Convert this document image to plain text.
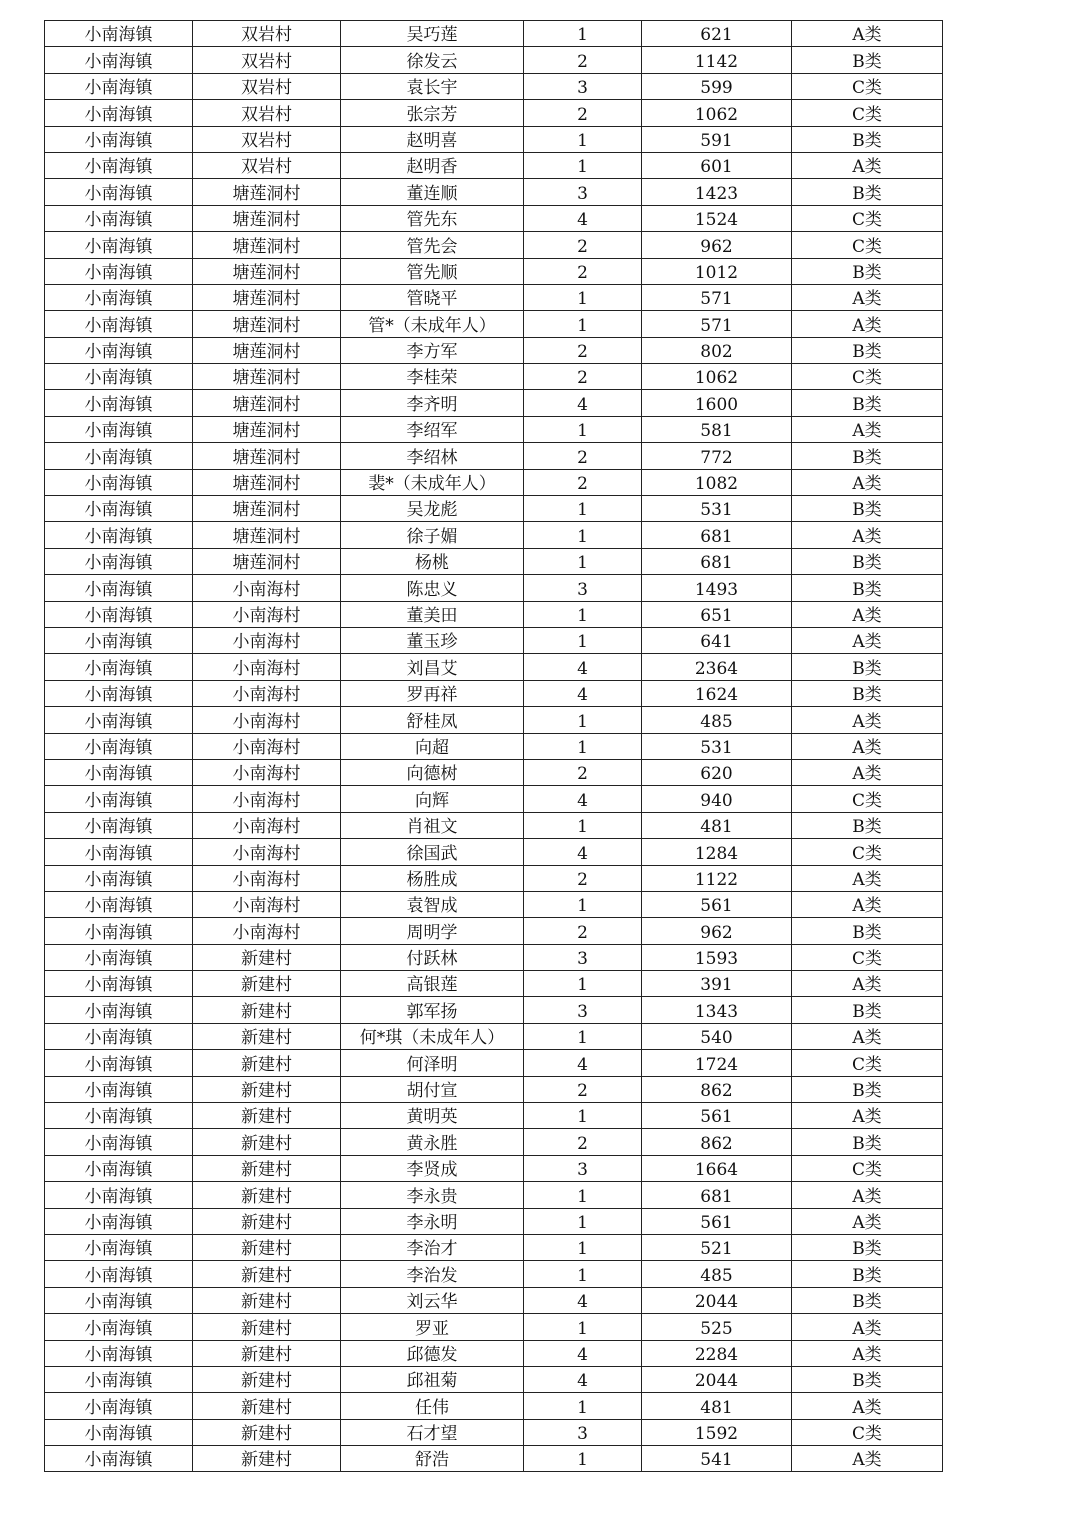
小南海镇	双岩村	吴巧莲	1	621	A类
小南海镇	双岩村	徐发云	2	1142	B类
小南海镇	双岩村	袁长宇	3	599	C类
小南海镇	双岩村	张宗芳	2	1062	C类
小南海镇	双岩村	赵明喜	1	591	B类
小南海镇	双岩村	赵明香	1	601	A类
小南海镇	塘莲洞村	董连顺	3	1423	B类
小南海镇	塘莲洞村	管先东	4	1524	C类
小南海镇	塘莲洞村	管先会	2	962	C类
小南海镇	塘莲洞村	管先顺	2	1012	B类
小南海镇	塘莲洞村	管晓平	1	571	A类
小南海镇	塘莲洞村	管*（未成年人）	1	571	A类
小南海镇	塘莲洞村	李方军	2	802	B类
小南海镇	塘莲洞村	李桂荣	2	1062	C类
小南海镇	塘莲洞村	李齐明	4	1600	B类
小南海镇	塘莲洞村	李绍军	1	581	A类
小南海镇	塘莲洞村	李绍林	2	772	B类
小南海镇	塘莲洞村	裴*（未成年人）	2	1082	A类
小南海镇	塘莲洞村	吴龙彪	1	531	B类
小南海镇	塘莲洞村	徐子媚	1	681	A类
小南海镇	塘莲洞村	杨桃	1	681	B类
小南海镇	小南海村	陈忠义	3	1493	B类
小南海镇	小南海村	董美田	1	651	A类
小南海镇	小南海村	董玉珍	1	641	A类
小南海镇	小南海村	刘昌艾	4	2364	B类
小南海镇	小南海村	罗再祥	4	1624	B类
小南海镇	小南海村	舒桂凤	1	485	A类
小南海镇	小南海村	向超	1	531	A类
小南海镇	小南海村	向德树	2	620	A类
小南海镇	小南海村	向辉	4	940	C类
小南海镇	小南海村	肖祖文	1	481	B类
小南海镇	小南海村	徐国武	4	1284	C类
小南海镇	小南海村	杨胜成	2	1122	A类
小南海镇	小南海村	袁智成	1	561	A类
小南海镇	小南海村	周明学	2	962	B类
小南海镇	新建村	付跃林	3	1593	C类
小南海镇	新建村	高银莲	1	391	A类
小南海镇	新建村	郭军扬	3	1343	B类
小南海镇	新建村	何*琪（未成年人）	1	540	A类
小南海镇	新建村	何泽明	4	1724	C类
小南海镇	新建村	胡付宣	2	862	B类
小南海镇	新建村	黄明英	1	561	A类
小南海镇	新建村	黄永胜	2	862	B类
小南海镇	新建村	李贤成	3	1664	C类
小南海镇	新建村	李永贵	1	681	A类
小南海镇	新建村	李永明	1	561	A类
小南海镇	新建村	李治才	1	521	B类
小南海镇	新建村	李治发	1	485	B类
小南海镇	新建村	刘云华	4	2044	B类
小南海镇	新建村	罗亚	1	525	A类
小南海镇	新建村	邱德发	4	2284	A类
小南海镇	新建村	邱祖菊	4	2044	B类
小南海镇	新建村	任伟	1	481	A类
小南海镇	新建村	石才望	3	1592	C类
小南海镇	新建村	舒浩	1	541	A类
